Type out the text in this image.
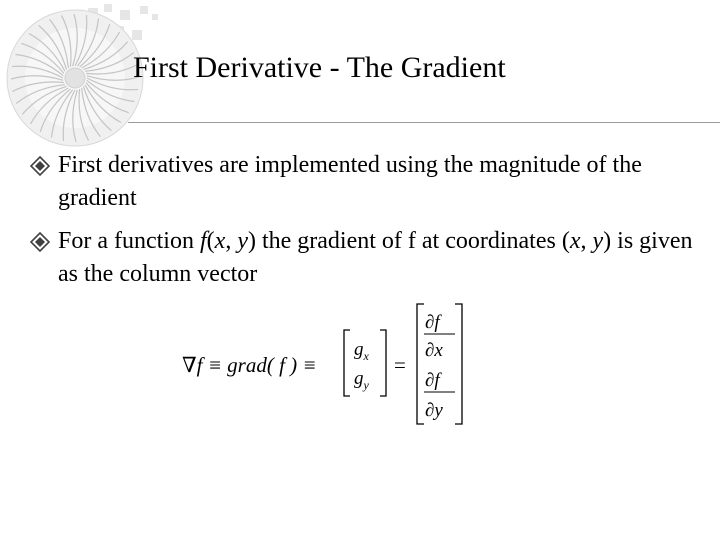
First Derivative - The Gradient
First derivatives are implemented using the magnitude of the gradient
For a function f(x, y) the gradient of f at coordinates (x, y) is given as the column vector
∇f ≡ grad( f ) ≡
$g_x$
$g_y$
=
∂f
∂x
∂f
∂y
